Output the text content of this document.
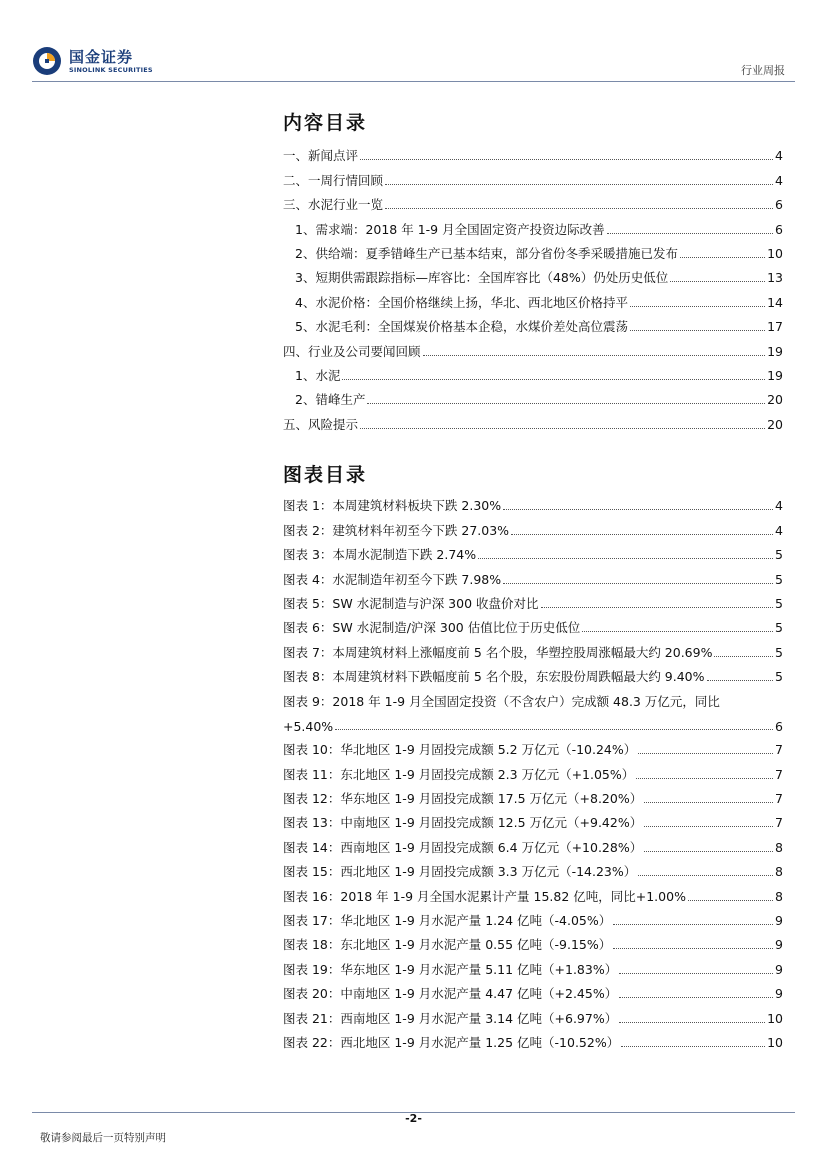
国金证券
SINOLINK SECURITIES	行业周报
内容目录
一、新闻点评	4
二、一周行情回顾	4
三、水泥行业一览	6
1、需求端：2018 年 1-9 月全国固定资产投资边际改善	6
2、供给端：夏季错峰生产已基本结束，部分省份冬季采暖措施已发布	10
3、短期供需跟踪指标—库容比：全国库容比（48%）仍处历史低位	13
4、水泥价格：全国价格继续上扬，华北、西北地区价格持平	14
5、水泥毛利：全国煤炭价格基本企稳，水煤价差处高位震荡	17
四、行业及公司要闻回顾	19
1、水泥	19
2、错峰生产	20
五、风险提示	20
图表目录
图表 1：本周建筑材料板块下跌 2.30%	4
图表 2：建筑材料年初至今下跌 27.03%	4
图表 3：本周水泥制造下跌 2.74%	5
图表 4：水泥制造年初至今下跌 7.98%	5
图表 5：SW 水泥制造与沪深 300 收盘价对比	5
图表 6：SW 水泥制造/沪深 300 估值比位于历史低位	5
图表 7：本周建筑材料上涨幅度前 5 名个股，华塑控股周涨幅最大约 20.69%	5
图表 8：本周建筑材料下跌幅度前 5 名个股，东宏股份周跌幅最大约 9.40%	5
图表 9：2018 年 1-9 月全国固定投资（不含农户）完成额 48.3 万亿元，同比
+5.40%	6
图表 10：华北地区 1-9 月固投完成额 5.2 万亿元（-10.24%）	7
图表 11：东北地区 1-9 月固投完成额 2.3 万亿元（+1.05%）	7
图表 12：华东地区 1-9 月固投完成额 17.5 万亿元（+8.20%）	7
图表 13：中南地区 1-9 月固投完成额 12.5 万亿元（+9.42%）	7
图表 14：西南地区 1-9 月固投完成额 6.4 万亿元（+10.28%）	8
图表 15：西北地区 1-9 月固投完成额 3.3 万亿元（-14.23%）	8
图表 16：2018 年 1-9 月全国水泥累计产量 15.82 亿吨，同比+1.00%	8
图表 17：华北地区 1-9 月水泥产量 1.24 亿吨（-4.05%）	9
图表 18：东北地区 1-9 月水泥产量 0.55 亿吨（-9.15%）	9
图表 19：华东地区 1-9 月水泥产量 5.11 亿吨（+1.83%）	9
图表 20：中南地区 1-9 月水泥产量 4.47 亿吨（+2.45%）	9
图表 21：西南地区 1-9 月水泥产量 3.14 亿吨（+6.97%）	10
图表 22：西北地区 1-9 月水泥产量 1.25 亿吨（-10.52%）	10
-2-
敬请参阅最后一页特别声明
